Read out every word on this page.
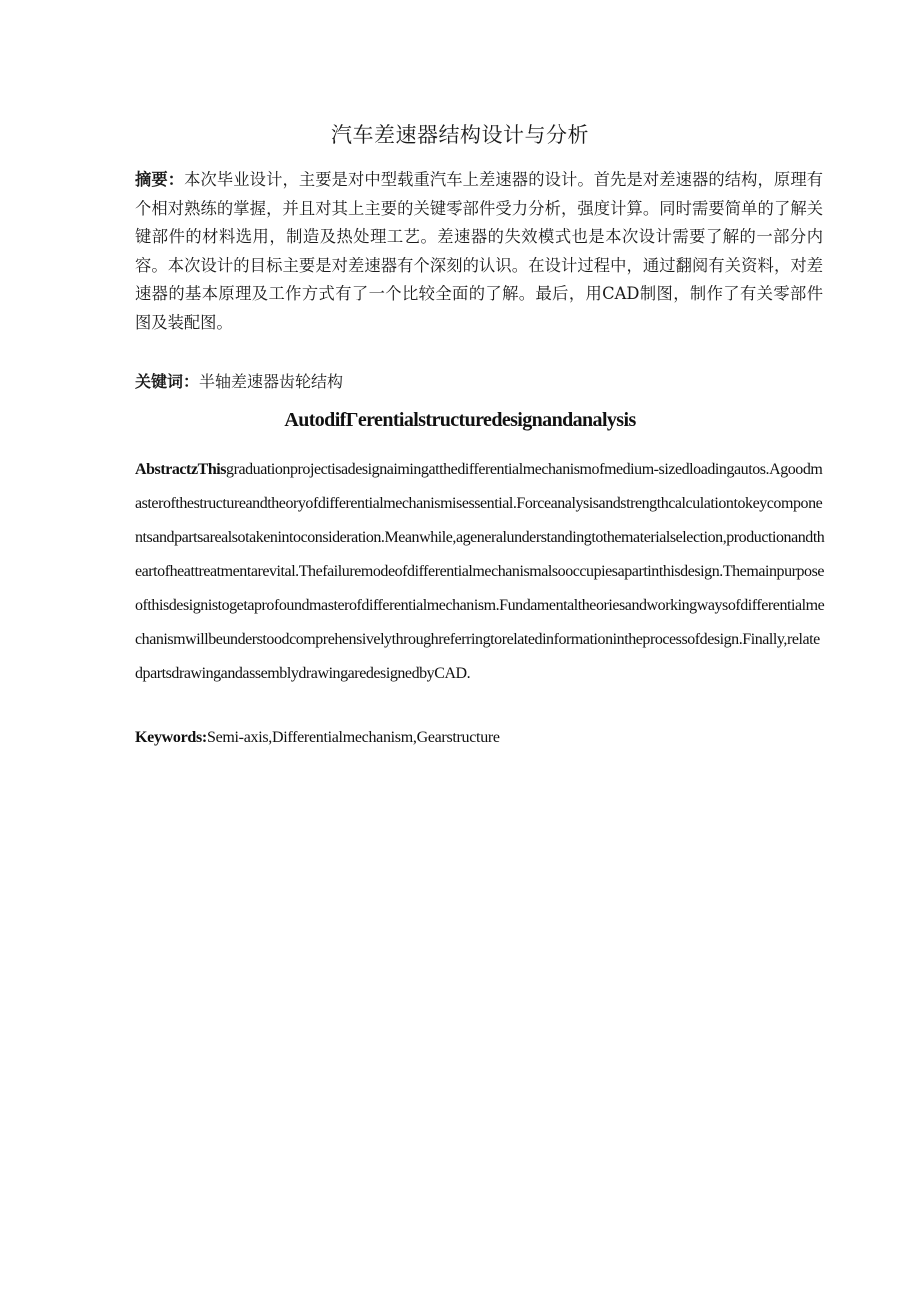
汽车差速器结构设计与分析
摘要：本次毕业设计，主要是对中型载重汽车上差速器的设计。首先是对差速器的结构，原理有个相对熟练的掌握，并且对其上主要的关键零部件受力分析，强度计算。同时需要简单的了解关键部件的材料选用，制造及热处理工艺。差速器的失效模式也是本次设计需要了解的一部分内容。本次设计的目标主要是对差速器有个深刻的认识。在设计过程中，通过翻阅有关资料，对差速器的基本原理及工作方式有了一个比较全面的了解。最后，用CAD制图，制作了有关零部件图及装配图。
关键词：半轴差速器齿轮结构
AutodifΓerentialstructuredesignandanalysis
AbstractzThisgraduationprojectisadesignaimingatthedifferentialmechanismofmedium-sizedloadingautos.Agoodmasterofthestructureandtheoryofdifferentialmechanismisessential.Forceanalysisandstrengthcalculationtokeycomponentsandpartsarealsotakenintoconsideration.Meanwhile,ageneralunderstandingtothematerialselection,productionandtheartofheattreatmentarevital.Thefailuremodeofdifferentialmechanismalsooccupiesapartinthisdesign.Themainpurposeofthisdesignistogetaprofoundmasterofdifferentialmechanism.Fundamentaltheoriesandworkingwaysofdifferentialmechanismwillbeunderstoodcomprehensivelythroughreferringtorelatedinformationintheprocessofdesign.Finally,relatedpartsdrawingandassemblydrawingaredesignedbyCAD.
Keywords:Semi-axis,Differentialmechanism,Gearstructure
